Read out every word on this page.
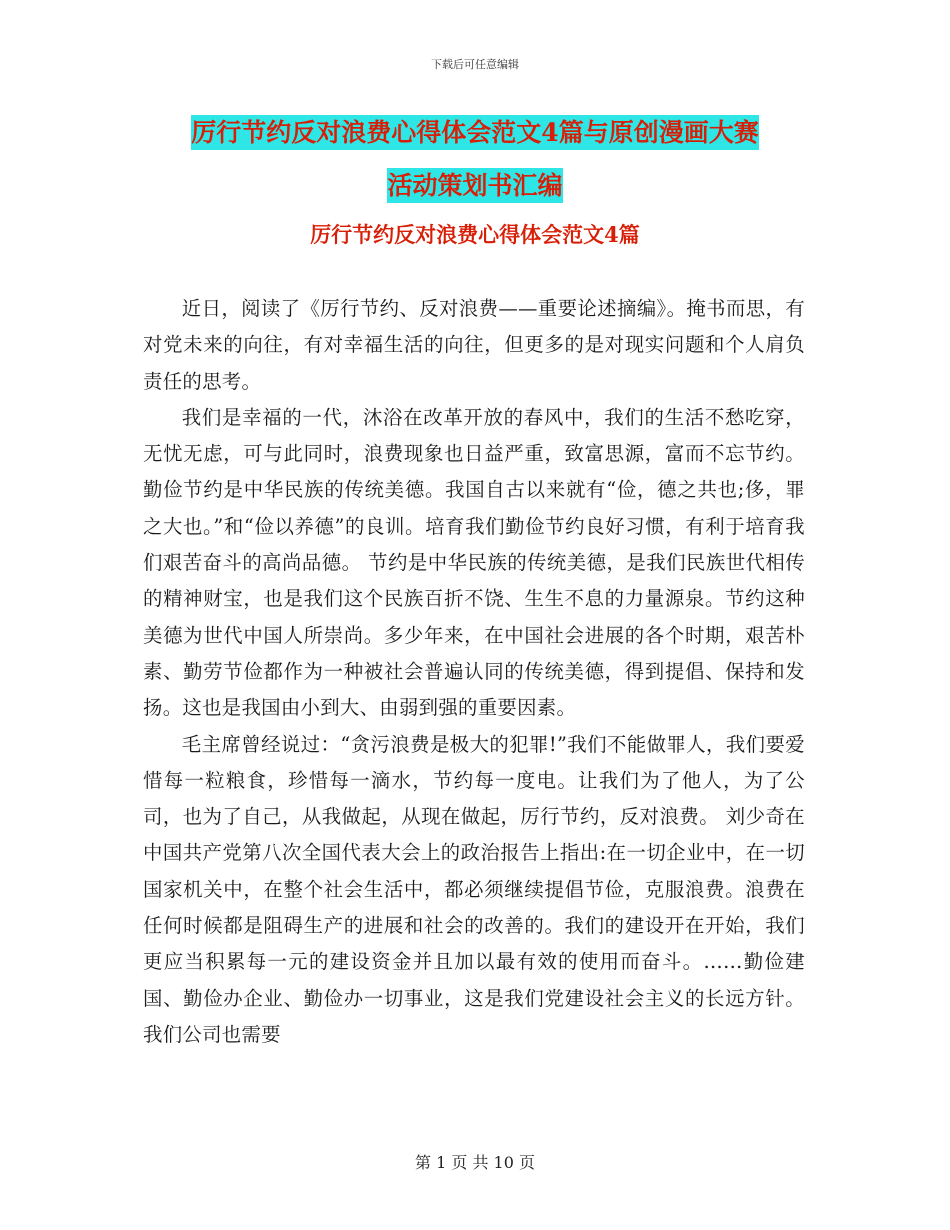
下载后可任意编辑
厉行节约反对浪费心得体会范文4篇与原创漫画大赛
活动策划书汇编
厉行节约反对浪费心得体会范文4篇

近日，阅读了《厉行节约、反对浪费——重要论述摘编》。掩书而思，有对党未来的向往，有对幸福生活的向往，但更多的是对现实问题和个人肩负责任的思考。

我们是幸福的一代，沐浴在改革开放的春风中，我们的生活不愁吃穿，无忧无虑，可与此同时，浪费现象也日益严重，致富思源，富而不忘节约。勤俭节约是中华民族的传统美德。我国自古以来就有“俭，德之共也;侈，罪之大也。”和“俭以养德”的良训。培育我们勤俭节约良好习惯，有利于培育我们艰苦奋斗的高尚品德。 节约是中华民族的传统美德，是我们民族世代相传的精神财宝，也是我们这个民族百折不饶、生生不息的力量源泉。节约这种美德为世代中国人所崇尚。多少年来，在中国社会进展的各个时期，艰苦朴素、勤劳节俭都作为一种被社会普遍认同的传统美德，得到提倡、保持和发扬。这也是我国由小到大、由弱到强的重要因素。

毛主席曾经说过：“贪污浪费是极大的犯罪!”我们不能做罪人，我们要爱惜每一粒粮食，珍惜每一滴水，节约每一度电。让我们为了他人，为了公司，也为了自己，从我做起，从现在做起，厉行节约，反对浪费。 刘少奇在中国共产党第八次全国代表大会上的政治报告上指出:在一切企业中，在一切国家机关中，在整个社会生活中，都必须继续提倡节俭，克服浪费。浪费在任何时候都是阻碍生产的进展和社会的改善的。我们的建设开在开始，我们更应当积累每一元的建设资金并且加以最有效的使用而奋斗。……勤俭建国、勤俭办企业、勤俭办一切事业，这是我们党建设社会主义的长远方针。我们公司也需要

第 1 页 共 10 页
